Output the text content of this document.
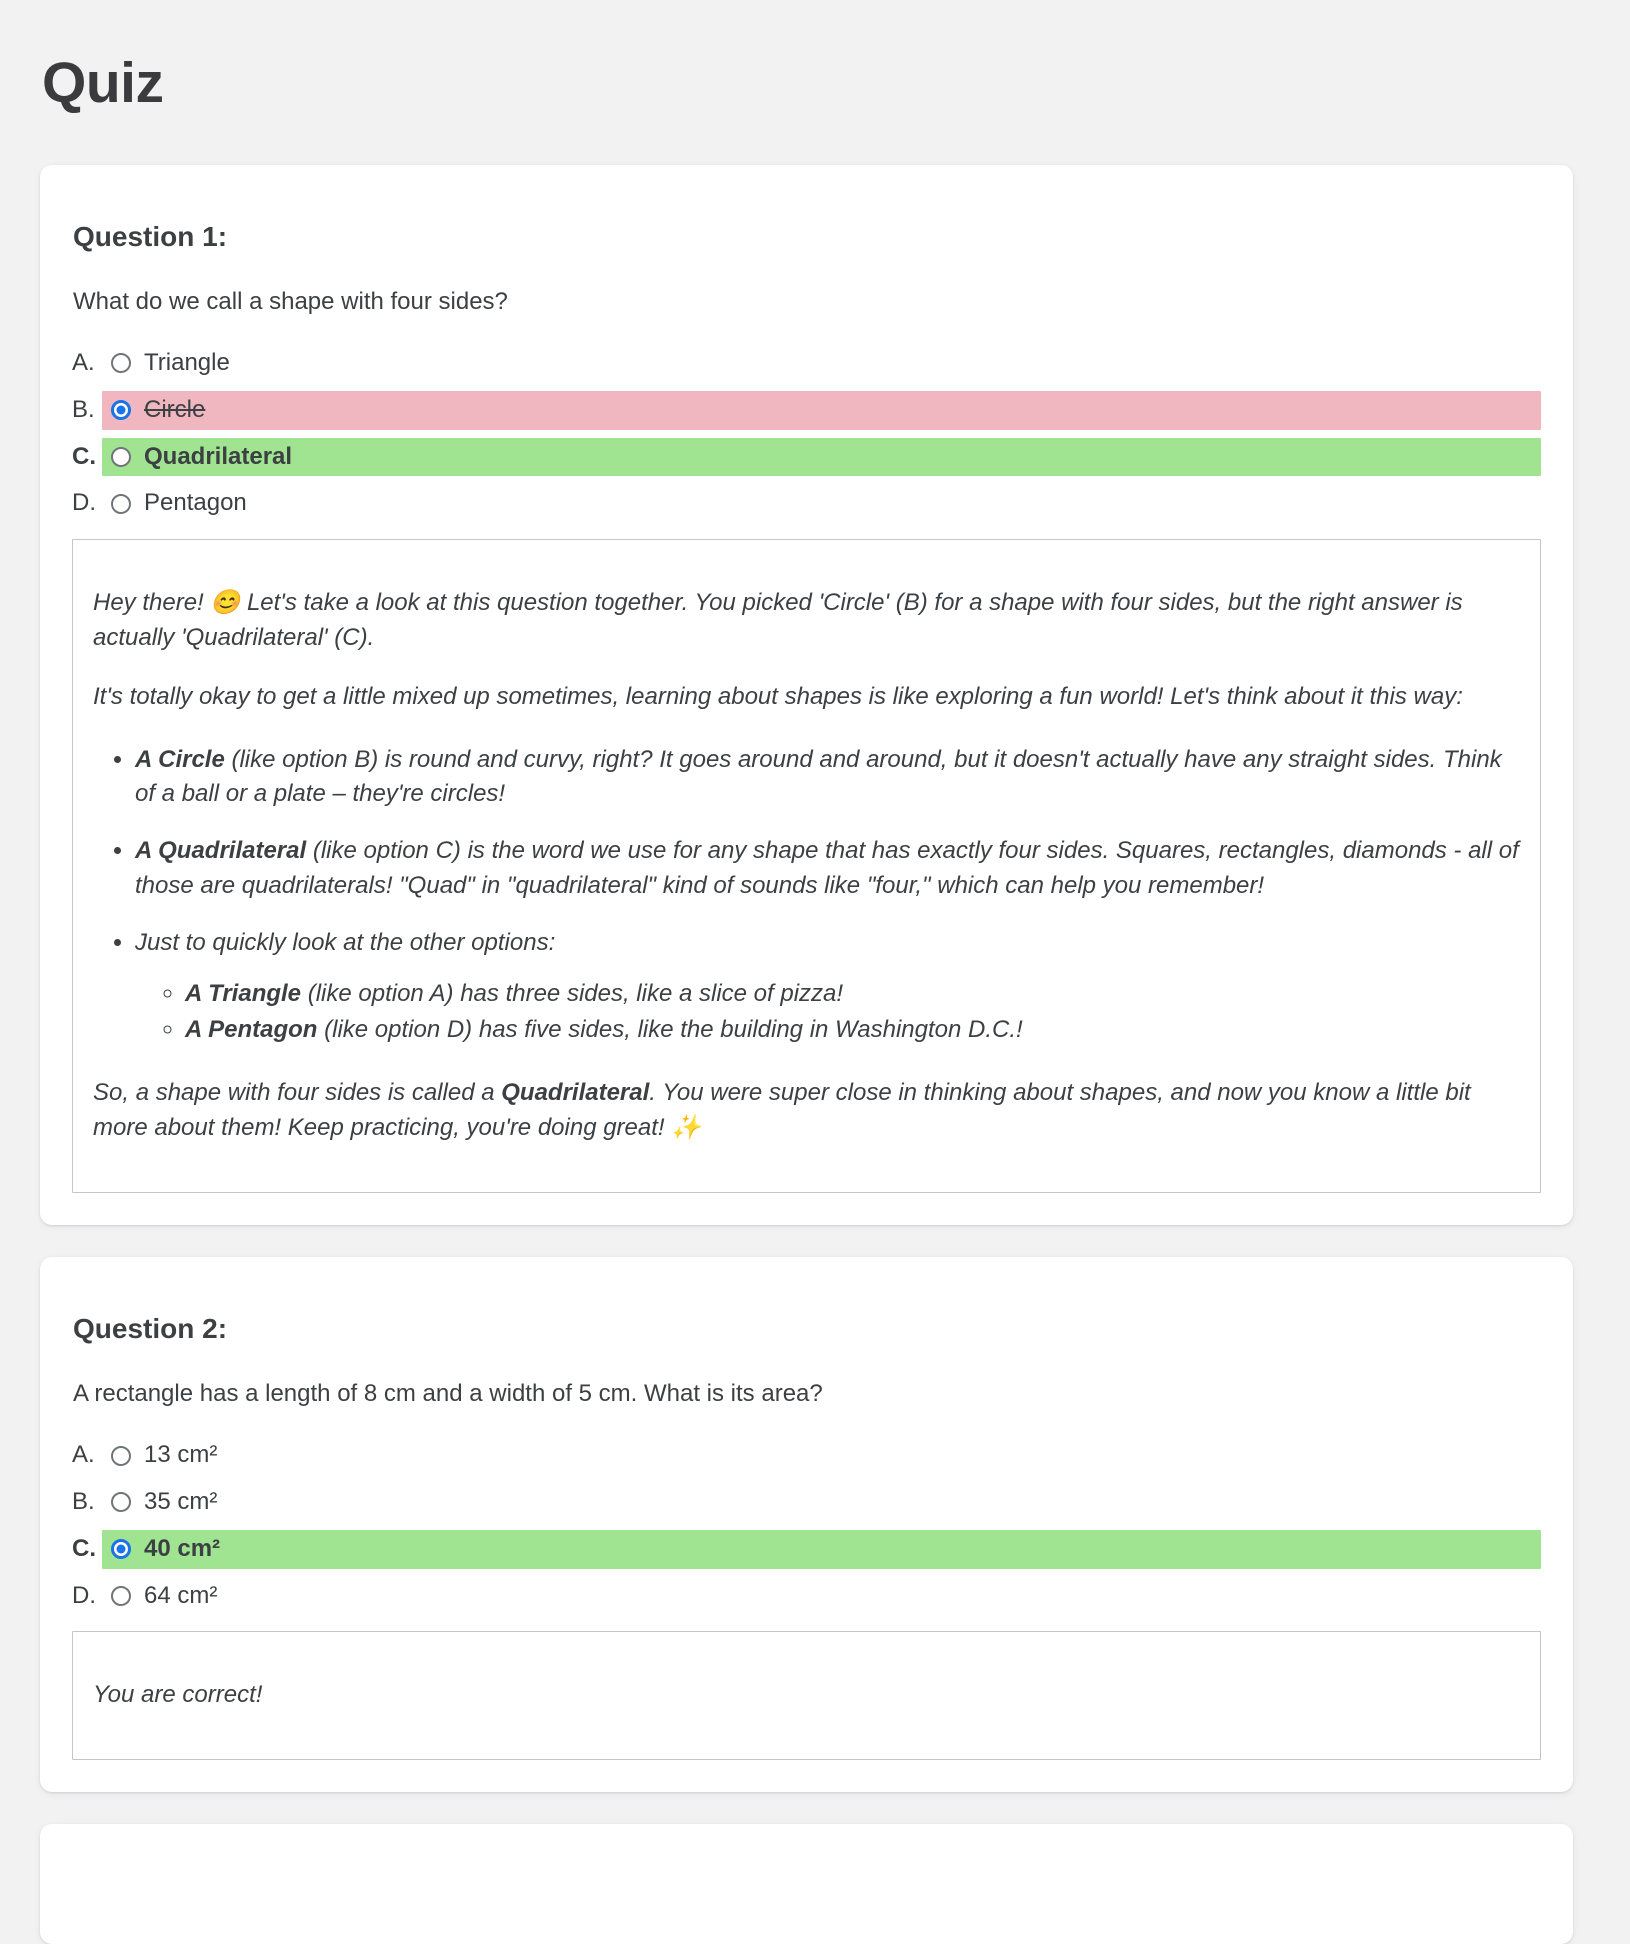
Quiz
Question 1:

What do we call a shape with four sides?

A.	Triangle
B.	Circle
C. Quadrilateral
D. Pentagon

Hey there! 😊 Let's take a look at this question together. You picked 'Circle' (B) for a shape with four sides, but the right answer is actually 'Quadrilateral' (C).

It's totally okay to get a little mixed up sometimes, learning about shapes is like exploring a fun world! Let's think about it this way:

• A Circle (like option B) is round and curvy, right? It goes around and around, but it doesn't actually have any straight sides. Think of a ball or a plate – they're circles!
• A Quadrilateral (like option C) is the word we use for any shape that has exactly four sides. Squares, rectangles, diamonds - all of those are quadrilaterals! "Quad" in "quadrilateral" kind of sounds like "four," which can help you remember!
• Just to quickly look at the other options:
◦ A Triangle (like option A) has three sides, like a slice of pizza!
◦ A Pentagon (like option D) has five sides, like the building in Washington D.C.!

So, a shape with four sides is called a Quadrilateral. You were super close in thinking about shapes, and now you know a little bit more about them! Keep practicing, you're doing great! ✨

Question 2:

A rectangle has a length of 8 cm and a width of 5 cm. What is its area?

A.	13 cm²
B.	35 cm²
C. 40 cm²
D. 64 cm²

You are correct!
